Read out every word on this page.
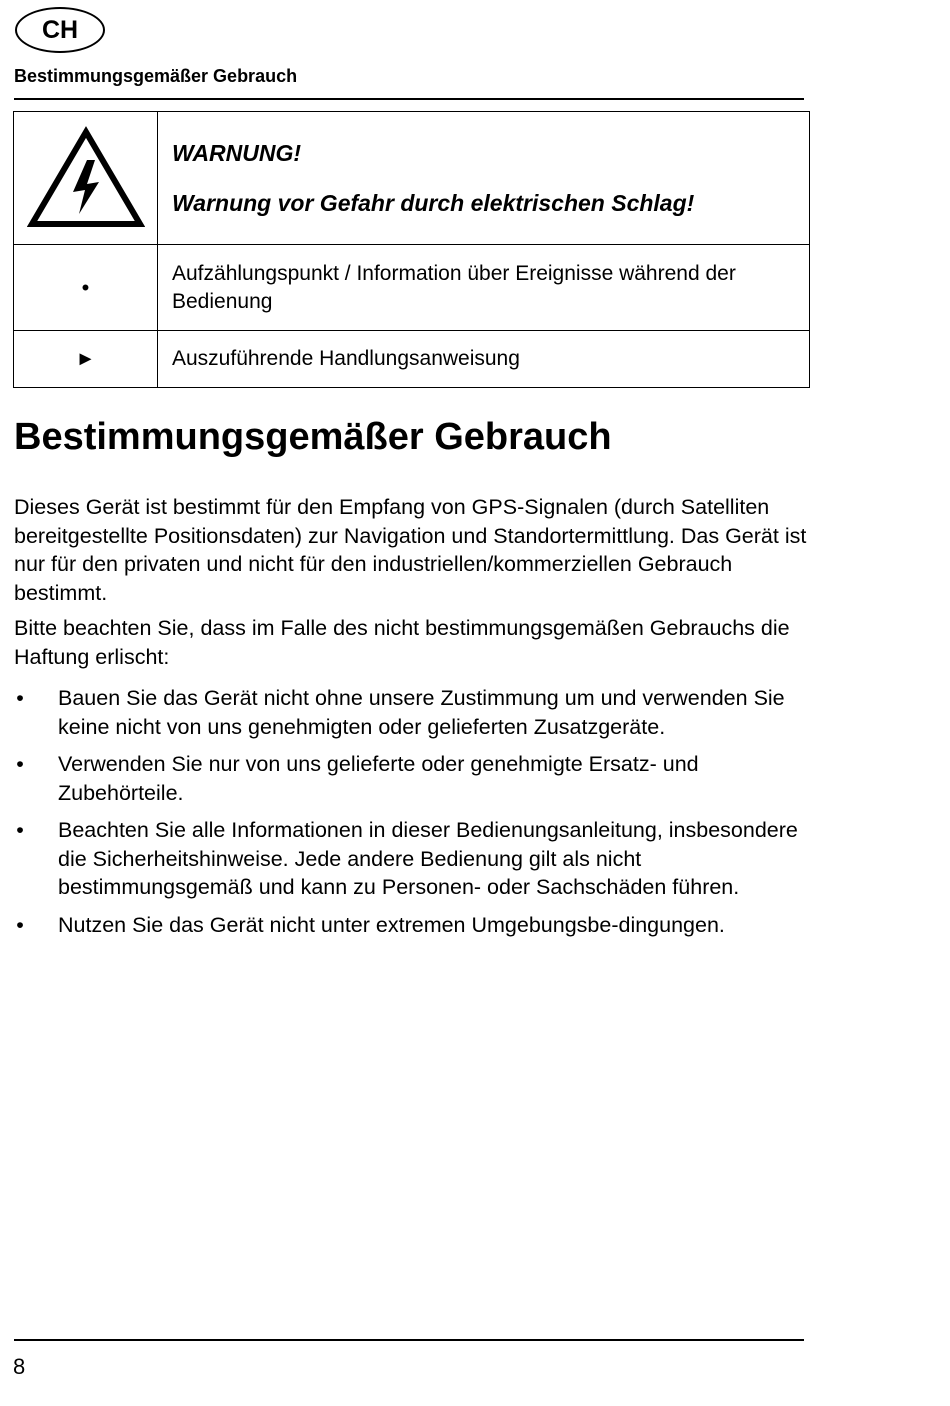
CH
Bestimmungsgemäßer Gebrauch

WARNUNG!
Warnung vor Gefahr durch elektrischen Schlag!

•	Aufzählungspunkt / Information über Ereignisse während der Bedienung
►	Auszuführende Handlungsanweisung
Bestimmungsgemäßer Gebrauch

Dieses Gerät ist bestimmt für den Empfang von GPS-Signalen (durch Satelliten bereitgestellte Positionsdaten) zur Navigation und Standortermittlung. Das Gerät ist nur für den privaten und nicht für den industriellen/kommerziellen Gebrauch bestimmt.

Bitte beachten Sie, dass im Falle des nicht bestimmungsgemäßen Gebrauchs die Haftung erlischt:

• Bauen Sie das Gerät nicht ohne unsere Zustimmung um und verwenden Sie keine nicht von uns genehmigten oder gelieferten Zusatzgeräte.
• Verwenden Sie nur von uns gelieferte oder genehmigte Ersatz- und Zubehörteile.
• Beachten Sie alle Informationen in dieser Bedienungsanleitung, insbesondere die Sicherheitshinweise. Jede andere Bedienung gilt als nicht bestimmungsgemäß und kann zu Personen- oder Sachschäden führen.
• Nutzen Sie das Gerät nicht unter extremen Umgebungsbe-dingungen.
8
